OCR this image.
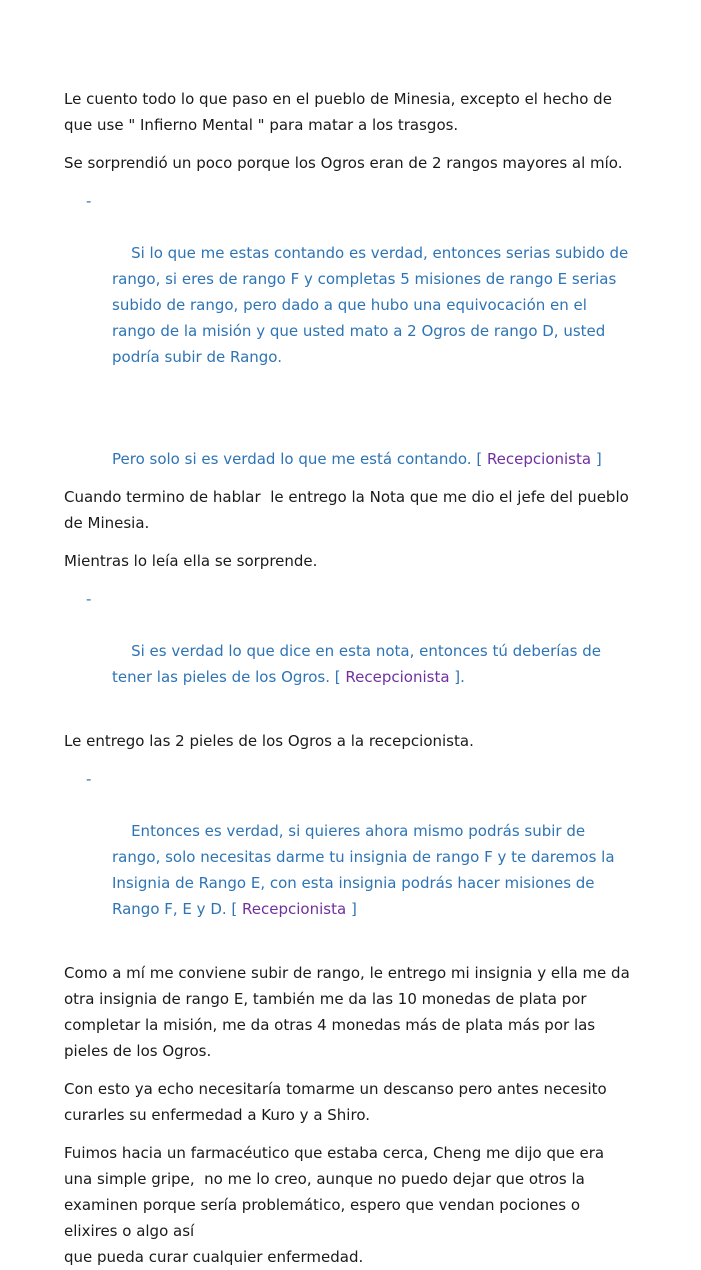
Le cuento todo lo que paso en el pueblo de Minesia, excepto el hecho de que use " Infierno Mental " para matar a los trasgos.

Se sorprendió un poco porque los Ogros eran de 2 rangos mayores al mío.

-

Si lo que me estas contando es verdad, entonces serias subido de rango, si eres de rango F y completas 5 misiones de rango E serias subido de rango, pero dado a que hubo una equivocación en el rango de la misión y que usted mato a 2 Ogros de rango D, usted podría subir de Rango.

Pero solo si es verdad lo que me está contando. [ Recepcionista ]

Cuando termino de hablar  le entrego la Nota que me dio el jefe del pueblo de Minesia.

Mientras lo leía ella se sorprende.

-

Si es verdad lo que dice en esta nota, entonces tú deberías de tener las pieles de los Ogros. [ Recepcionista ].

Le entrego las 2 pieles de los Ogros a la recepcionista.

-

Entonces es verdad, si quieres ahora mismo podrás subir de rango, solo necesitas darme tu insignia de rango F y te daremos la Insignia de Rango E, con esta insignia podrás hacer misiones de Rango F, E y D. [ Recepcionista ]

Como a mí me conviene subir de rango, le entrego mi insignia y ella me da otra insignia de rango E, también me da las 10 monedas de plata por completar la misión, me da otras 4 monedas más de plata más por las pieles de los Ogros.

Con esto ya echo necesitaría tomarme un descanso pero antes necesito curarles su enfermedad a Kuro y a Shiro.

Fuimos hacia un farmacéutico que estaba cerca, Cheng me dijo que era una simple gripe,  no me lo creo, aunque no puedo dejar que otros la examinen porque sería problemático, espero que vendan pociones o elixires o algo así

que pueda curar cualquier enfermedad.
